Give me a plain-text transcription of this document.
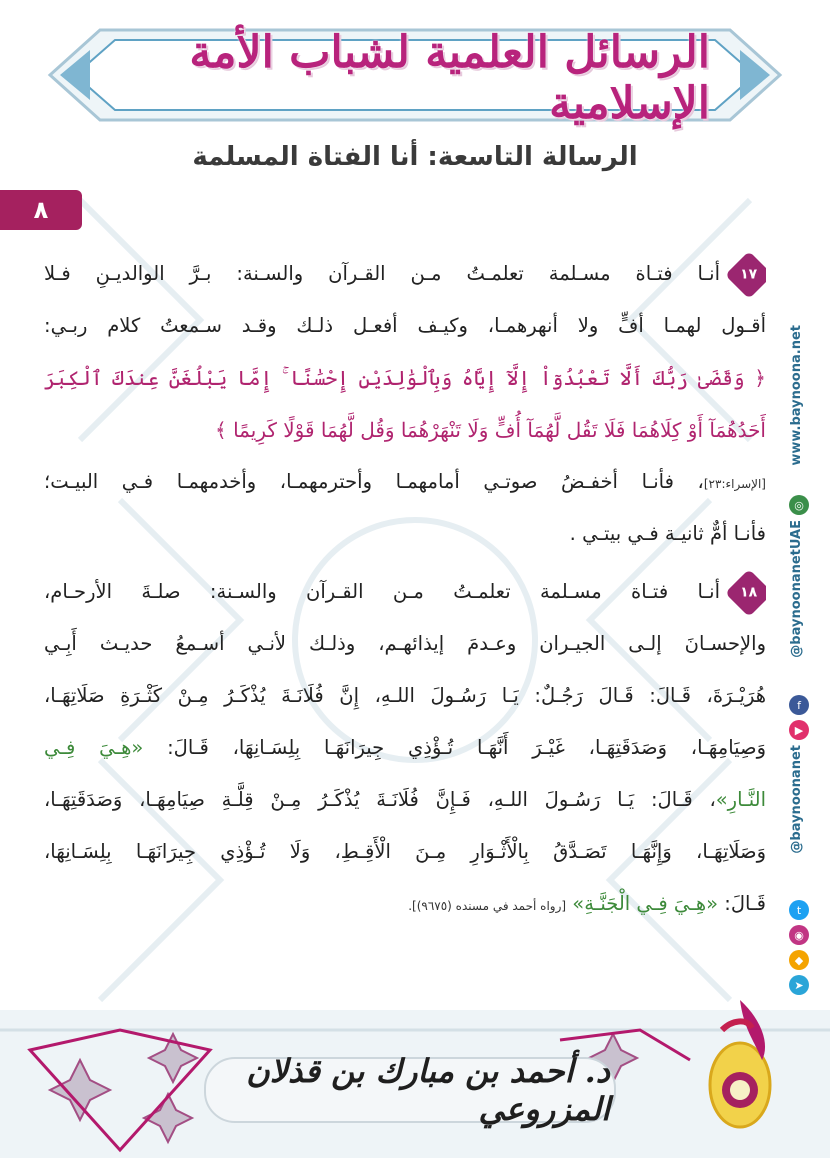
الرسائل العلمية لشباب الأمة الإسلامية
الرسالة التاسعة: أنا الفتاة المسلمة
٨
١٧
أنـا فتـاة مسـلمة تعلمـتُ مـن القـرآن والسـنة: بـرَّ الوالديـنِ فـلا
أقـول لهمـا أفٍّ ولا أنهرهمـا، وكيـف أفعـل ذلـك وقـد سـمعتُ كلام ربـي:
﴿ وَقَضَىٰ رَبُّكَ أَلَّا تَعْبُدُوٓاْ إِلَّآ إِيَّاهُ وَبِٱلْوَٰلِدَيْنِ إِحْسَٰنًا ۚ إِمَّا يَبْلُغَنَّ عِندَكَ ٱلْكِبَرَ
أَحَدُهُمَآ أَوْ كِلَاهُمَا فَلَا تَقُل لَّهُمَآ أُفٍّ وَلَا تَنْهَرْهُمَا وَقُل لَّهُمَا قَوْلًا كَرِيمًا ﴾
[الإسراء:٢٣]، فأنـا أخفـضُ صوتـي أمامهمـا وأحترمهمـا، وأخدمهمـا فـي البيـت؛
فأنـا أمٌّ ثانيـة فـي بيتـي .
١٨
أنـا فتـاة مسـلمة تعلمـتُ مـن القـرآن والسـنة: صلـةَ الأرحـام،
والإحسـانَ إلـى الجيـران وعـدمَ إيذائهـم، وذلـك لأنـي أسـمعُ حديـث أَبِـي
هُرَيْـرَةَ، قَـالَ: قَـالَ رَجُـلٌ: يَـا رَسُـولَ اللـهِ، إِنَّ فُلَانَـةَ يُذْكَـرُ مِـنْ كَثْـرَةِ صَلَاتِهَـا،
وَصِيَامِهَـا، وَصَدَقَتِهَـا، غَيْـرَ أَنَّهَـا تُـؤْذِي جِيرَانَهَـا بِلِسَـانِهَا، قَـالَ: «هِـيَ فِـي
النَّـارِ»، قَـالَ: يَـا رَسُـولَ اللـهِ، فَـإِنَّ فُلَانَـةَ يُذْكَـرُ مِـنْ قِلَّـةِ صِيَامِهَـا، وَصَدَقَتِهَـا،
وَصَلَاتِهَـا، وَإِنَّهَـا تَصَـدَّقُ بِالْأَثْـوَارِ مِـنَ الْأَقِـطِ، وَلَا تُـؤْذِي جِيرَانَهَـا بِلِسَـانِهَا،
قَـالَ: «هِـيَ فِـي الْجَنَّـةِ» [رواه أحمد في مسنده (٩٦٧٥)].
www.baynoona.net
◎
@baynoonanetUAE
f
▶
@baynoonanet
t
◉
◆
➤
د. أحمد بن مبارك بن قذلان المزروعي
